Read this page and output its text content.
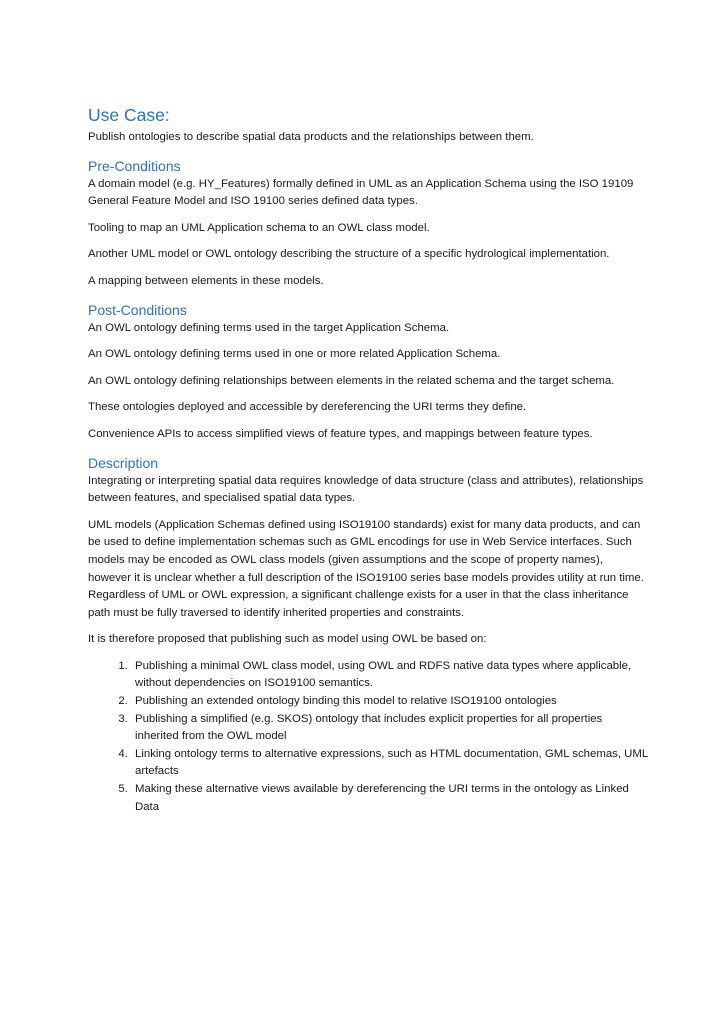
Use Case:

Publish ontologies to describe spatial data products and the relationships between them.

Pre-Conditions

A domain model (e.g. HY_Features) formally defined in UML as an Application Schema using the ISO 19109 General Feature Model and ISO 19100 series defined data types.

Tooling to map an UML Application schema to an OWL class model.

Another UML model or OWL ontology describing the structure of a specific hydrological implementation.

A mapping between elements in these models.

Post-Conditions

An OWL ontology defining terms used in the target Application Schema.

An OWL ontology defining terms used in one or more related Application Schema.

An OWL ontology defining relationships between elements in the related schema and the target schema.

These ontologies deployed and accessible by dereferencing the URI terms they define.

Convenience APIs to access simplified views of feature types, and mappings between feature types.

Description

Integrating or interpreting spatial data requires knowledge of data structure (class and attributes), relationships between features, and specialised spatial data types.

UML models (Application Schemas defined using ISO19100 standards) exist for many data products, and can be used to define implementation schemas such as GML encodings for use in Web Service interfaces. Such models may be encoded as OWL class models (given assumptions and the scope of property names), however it is unclear whether a full description of the ISO19100 series base models provides utility at run time. Regardless of UML or OWL expression, a significant challenge exists for a user in that the class inheritance path must be fully traversed to identify inherited properties and constraints.

It is therefore proposed that publishing such as model using OWL be based on:

1. Publishing a minimal OWL class model, using OWL and RDFS native data types where applicable, without dependencies on ISO19100 semantics.
2. Publishing an extended ontology binding this model to relative ISO19100 ontologies
3. Publishing a simplified (e.g. SKOS) ontology that includes explicit properties for all properties inherited from the OWL model
4. Linking ontology terms to alternative expressions, such as HTML documentation, GML schemas, UML artefacts
5. Making these alternative views available by dereferencing the URI terms in the ontology as Linked Data
